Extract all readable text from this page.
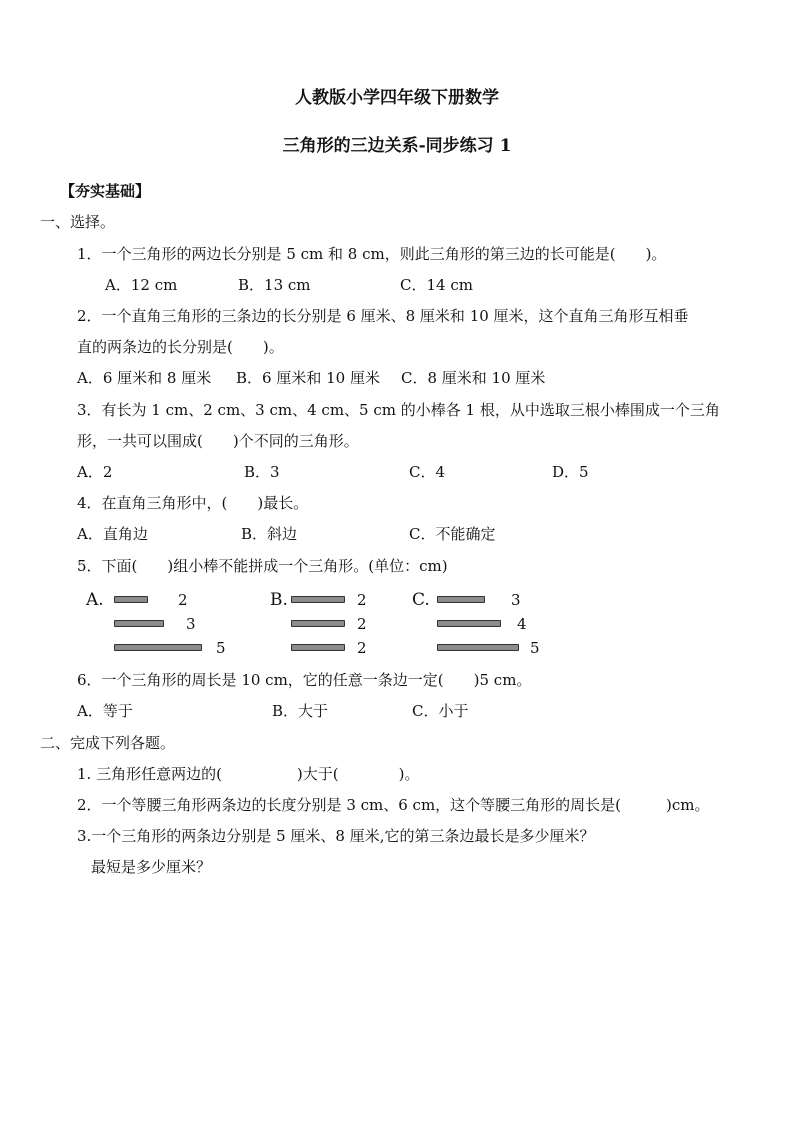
人教版小学四年级下册数学
三角形的三边关系-同步练习 1
【夯实基础】
一、选择。
1．一个三角形的两边长分别是 5 cm 和 8 cm，则此三角形的第三边的长可能是(　　)。
A．12 cm	B．13 cm	C．14 cm
2．一个直角三角形的三条边的长分别是 6 厘米、8 厘米和 10 厘米，这个直角三角形互相垂
直的两条边的长分别是(　　)。
A．6 厘米和 8 厘米 B．6 厘米和 10 厘米 C．8 厘米和 10 厘米
3．有长为 1 cm、2 cm、3 cm、4 cm、5 cm 的小棒各 1 根，从中选取三根小棒围成一个三角
形，一共可以围成(　　)个不同的三角形。
A．2	B．3	C．4	D．5
4．在直角三角形中，(　　)最长。
A．直角边	B．斜边	C．不能确定
5．下面(　　)组小棒不能拼成一个三角形。(单位：cm)
A.	2
3
5
B.	2
2
2
C.	3
4
5
6．一个三角形的周长是 10 cm，它的任意一条边一定(　　)5 cm。
A．等于	B．大于	C．小于
二、完成下列各题。
1. 三角形任意两边的(　　　　　)大于(　　　　)。
2．一个等腰三角形两条边的长度分别是 3 cm、6 cm，这个等腰三角形的周长是(　　　)cm。
3.一个三角形的两条边分别是 5 厘米、8 厘米,它的第三条边最长是多少厘米？
最短是多少厘米？
